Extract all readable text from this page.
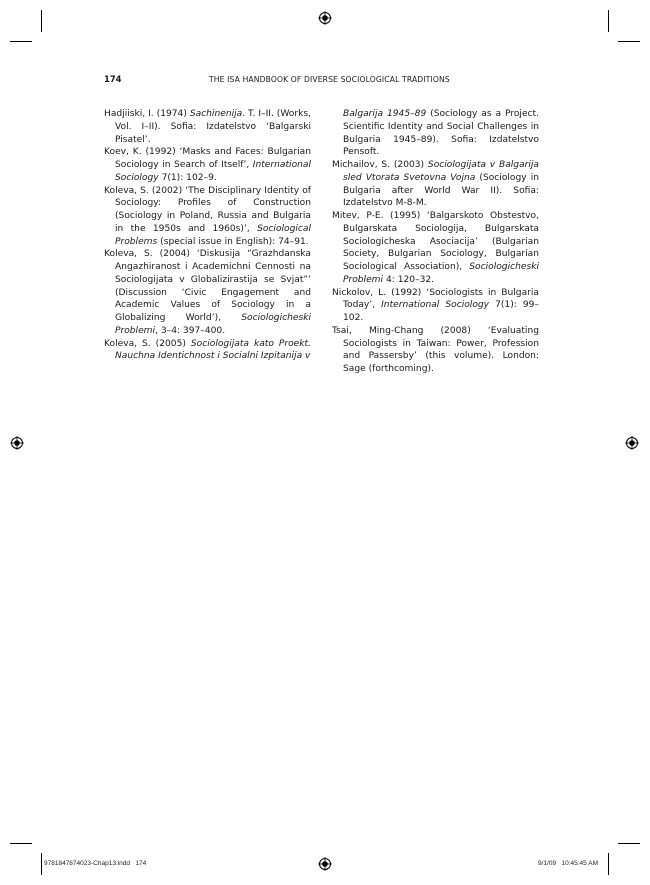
174	THE ISA HANDBOOK OF DIVERSE SOCIOLOGICAL TRADITIONS

Hadjiiski, I. (1974) Sachinenija. T. I–II. (Works, Vol. I–II). Sofia: Izdatelstvo ‘Balgarski Pisatel’.

Koev, K. (1992) ‘Masks and Faces: Bulgarian Sociology in Search of Itself’, International Sociology 7(1): 102–9.

Koleva, S. (2002) ‘The Disciplinary Identity of Sociology: Profiles of Construction (Sociology in Poland, Russia and Bulgaria in the 1950s and 1960s)’, Sociological Problems (special issue in English): 74–91.

Koleva, S. (2004) ‘Diskusija “Grazhdanska Angazhiranost i Academichni Cennosti na Sociologijata v Globalizirastija se Svjat”’ (Discussion ‘Civic Engagement and Academic Values of Sociology in a Globalizing World’), Sociologicheski Problemi, 3–4: 397–400.

Koleva, S. (2005) Sociologijata kato Proekt. Nauchna Identichnost i Socialni Izpitanija v

Balgarija 1945–89 (Sociology as a Project. Scientific Identity and Social Challenges in Bulgaria 1945–89). Sofia: Izdatelstvo Pensoft.

Michailov, S. (2003) Sociologijata v Balgarija sled Vtorata Svetovna Vojna (Sociology in Bulgaria after World War II). Sofia: Izdatelstvo M-8-M.

Mitev, P-E. (1995) ‘Balgarskoto Obstestvo, Bulgarskata Sociologija, Bulgarskata Sociologicheska Asociacija’ (Bulgarian Society, Bulgarian Sociology, Bulgarian Sociological Association), Sociologicheski Problemi 4: 120–32.

Nickolov, L. (1992) ‘Sociologists in Bulgaria Today’, International Sociology 7(1): 99–102.

Tsai, Ming-Chang (2008) ‘Evaluating Sociologists in Taiwan: Power, Profession and Passersby’ (this volume). London: Sage (forthcoming).

9781847874023-Chap13.indd   174	9/1/09   10:45:45 AM
